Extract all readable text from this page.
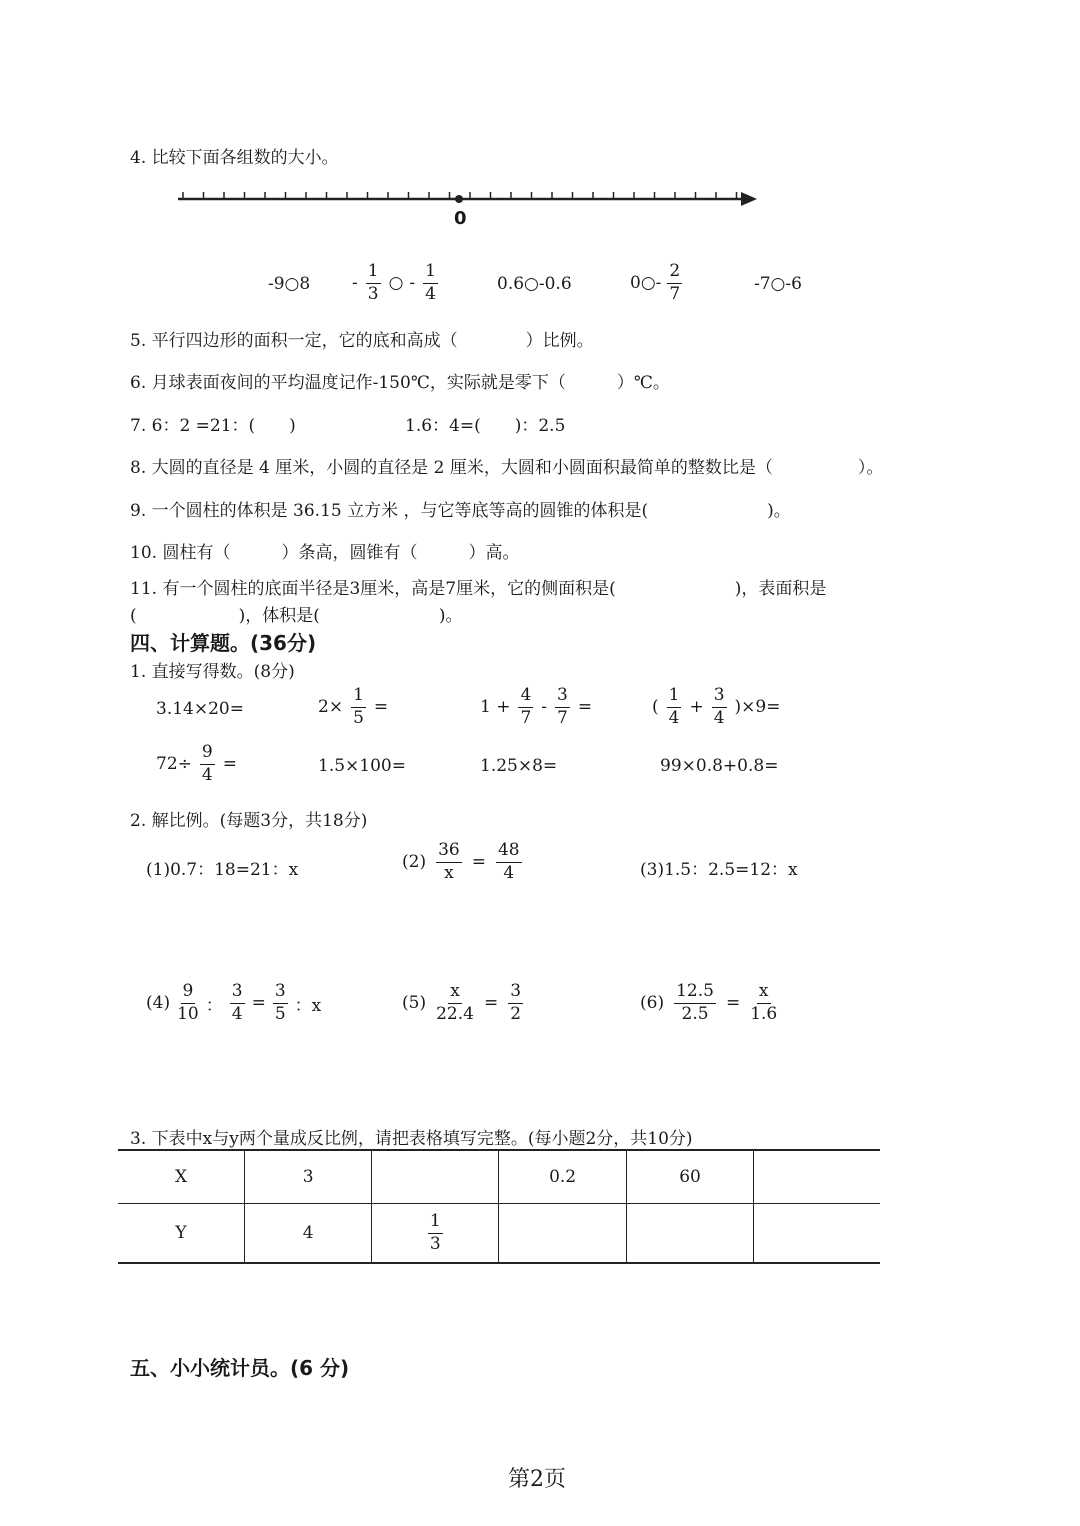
4. 比较下面各组数的大小。
0
-9○8 - $\frac{1}{3}$ ○ - $\frac{1}{4}$	0.6○-0.6	0○- $\frac{2}{7}$	-7○-6
5. 平行四边形的面积一定，它的底和高成（　　　　）比例。
6. 月球表面夜间的平均温度记作-150℃，实际就是零下（　　　）℃。
7. 6：2 =21：(　　)	1.6：4=(　　)：2.5
8. 大圆的直径是 4 厘米，小圆的直径是 2 厘米，大圆和小圆面积最简单的整数比是（　　　　　）。
9. 一个圆柱的体积是 36.15 立方米 ，与它等底等高的圆锥的体积是(　　　　　　　)。
10. 圆柱有（　　　）条高，圆锥有（　　　）高。
11. 有一个圆柱的底面半径是3厘米，高是7厘米，它的侧面积是(　　　　　　　)，表面积是
(　　　　　　)，体积是(　　　　　　　)。
四、计算题。(36分)
1. 直接写得数。(8分)
3.14×20=	$2\times \frac{1}{5}$ =	$1 + \frac{4}{7} - \frac{3}{7}$ =	( $\frac{1}{4} + \frac{3}{4} )\times 9=$
$72\div \frac{9}{4}$ =	1.5×100=	1.25×8=	99×0.8+0.8=
2. 解比例。(每题3分，共18分)
(1)0.7：18=21：x	$(2) \frac{36}{x} = \frac{48}{4}$	(3)1.5：2.5=12：x
$(4) \frac{9}{10}$ ： $\frac{3}{4} = \frac{3}{5}$ ：x	$(5) \frac{x}{22.4} = \frac{3}{2}$	$(6) \frac{12.5}{2.5} = \frac{x}{1.6}$
3. 下表中x与y两个量成反比例，请把表格填写完整。(每小题2分，共10分)
X	3		0.2	60	
Y	4	$\frac{1}{3}$

五、小小统计员。(6 分)
第2页
